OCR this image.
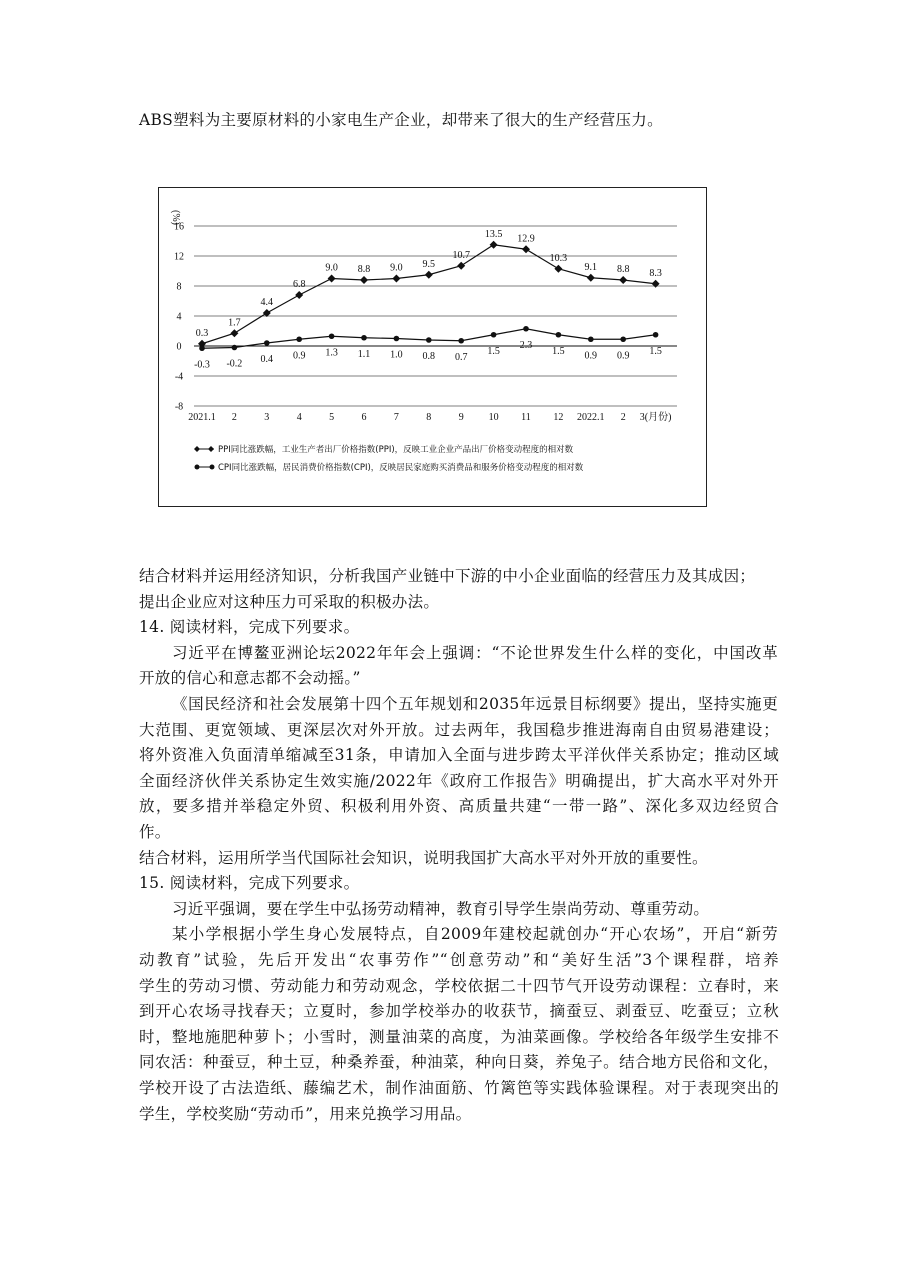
ABS塑料为主要原材料的小家电生产企业，却带来了很大的生产经营压力。
16
12
8
4
0
-4
-8
(%)
2021.1 2	3	4	5	6	7	8	9 10 11 12 2022.1 2 3(月份)
0.3
1.7
4.4
6.8
9.0 8.8 9.0 9.5
10.7
13.5 12.9
10.3
9.1 8.8 8.3
-0.3 -0.2 0.4 0.9 1.3 1.1 1.0 0.8 0.7
1.5
2.3
1.5 0.9 0.9 1.5
PPI同比涨跌幅，工业生产者出厂价格指数(PPI)，反映工业企业产品出厂价格变动程度的相对数
CPI同比涨跌幅，居民消费价格指数(CPI)，反映居民家庭购买消费品和服务价格变动程度的相对数
结合材料并运用经济知识，分析我国产业链中下游的中小企业面临的经营压力及其成因；
提出企业应对这种压力可采取的积极办法。
14. 阅读材料，完成下列要求。
习近平在博鳌亚洲论坛2022年年会上强调：“不论世界发生什么样的变化，中国改革
开放的信心和意志都不会动摇。”
《国民经济和社会发展第十四个五年规划和2035年远景目标纲要》提出，坚持实施更
大范围、更宽领域、更深层次对外开放。过去两年，我国稳步推进海南自由贸易港建设；
将外资准入负面清单缩减至31条，申请加入全面与进步跨太平洋伙伴关系协定；推动区域
全面经济伙伴关系协定生效实施/2022年《政府工作报告》明确提出，扩大高水平对外开
放，要多措并举稳定外贸、积极利用外资、高质量共建“一带一路”、深化多双边经贸合
作。
结合材料，运用所学当代国际社会知识，说明我国扩大高水平对外开放的重要性。
15. 阅读材料，完成下列要求。
习近平强调，要在学生中弘扬劳动精神，教育引导学生崇尚劳动、尊重劳动。
某小学根据小学生身心发展特点，自2009年建校起就创办“开心农场”，开启“新劳
动教育”试验，先后开发出“农事劳作”“创意劳动”和“美好生活”3个课程群，培养
学生的劳动习惯、劳动能力和劳动观念，学校依据二十四节气开设劳动课程：立春时，来
到开心农场寻找春天；立夏时，参加学校举办的收获节，摘蚕豆、剥蚕豆、吃蚕豆；立秋
时，整地施肥种萝卜；小雪时，测量油菜的高度，为油菜画像。学校给各年级学生安排不
同农活：种蚕豆，种土豆，种桑养蚕，种油菜，种向日葵，养兔子。结合地方民俗和文化，
学校开设了古法造纸、藤编艺术，制作油面筋、竹篱笆等实践体验课程。对于表现突出的
学生，学校奖励“劳动币”，用来兑换学习用品。
